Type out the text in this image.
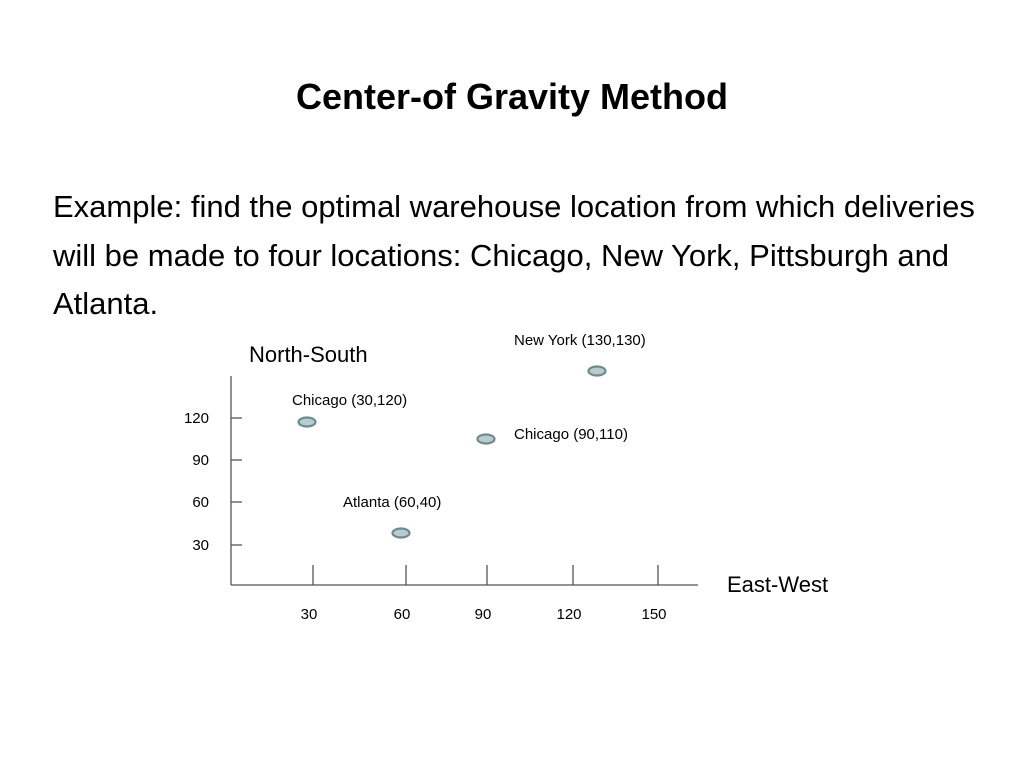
Center-of Gravity Method
Example: find the optimal warehouse location from which deliveries will be made to four locations: Chicago, New York, Pittsburgh and Atlanta.
North-South
East-West
30	60	90	120	150
30
60
90
120
New York (130,130)
Chicago (30,120)
Chicago (90,110)
Atlanta (60,40)
